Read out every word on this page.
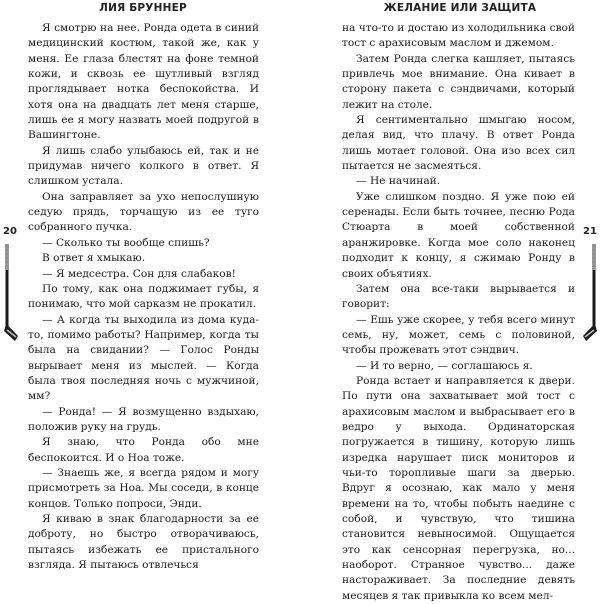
ЛИЯ БРУННЕР

Я смотрю на нее. Ронда одета в синий медицинский костюм, такой же, как у меня. Ее глаза блестят на фоне темной кожи, и сквозь ее шутливый взгляд проглядывает нотка беспокойства. И хотя она на двадцать лет меня старше, лишь ее я могу назвать моей подругой в Вашингтоне.

Я лишь слабо улыбаюсь ей, так и не придумав ничего колкого в ответ. Я слишком устала.

Она заправляет за ухо непослушную седую прядь, торчащую из ее туго собранного пучка.

— Сколько ты вообще спишь?

В ответ я хмыкаю.

— Я медсестра. Сон для слабаков!

По тому, как она поджимает губы, я понимаю, что мой сарказм не прокатил.

— А когда ты выходила из дома куда-то, помимо работы? Например, когда ты была на свидании? — Голос Ронды вырывает меня из мыслей. — Когда была твоя последняя ночь с мужчиной, мм?

— Ронда! — Я возмущенно вздыхаю, положив руку на грудь.

Я знаю, что Ронда обо мне беспокоится. И о Ноа тоже.

— Знаешь же, я всегда рядом и могу присмотреть за Ноа. Мы соседи, в конце концов. Только попроси, Энди.

Я киваю в знак благодарности за ее доброту, но быстро отворачиваюсь, пытаясь избежать ее пристального взгляда. Я пытаюсь отвлечься

20
ЖЕЛАНИЕ ИЛИ ЗАЩИТА

на что-то и достаю из холодильника свой тост с арахисовым маслом и джемом.

Затем Ронда слегка кашляет, пытаясь привлечь мое внимание. Она кивает в сторону пакета с сэндвичами, который лежит на столе.

Я сентиментально шмыгаю носом, делая вид, что плачу. В ответ Ронда лишь мотает головой. Она изо всех сил пытается не засмеяться.

— Не начинай.

Уже слишком поздно. Я уже пою ей серенады. Если быть точнее, песню Рода Стюарта в моей собственной аранжировке. Когда мое соло наконец подходит к концу, я сжимаю Ронду в своих объятиях.

Затем она все-таки вырывается и говорит:

— Ешь уже скорее, у тебя всего минут семь, ну, может, семь с половиной, чтобы прожевать этот сэндвич.

— И то верно, — соглашаюсь я.

Ронда встает и направляется к двери. По пути она захватывает мой тост с арахисовым маслом и выбрасывает его в ведро у выхода. Ординаторская погружается в тишину, которую лишь изредка нарушает писк мониторов и чьи-то торопливые шаги за дверью. Вдруг я осознаю, как мало у меня времени на то, чтобы побыть наедине с собой, и чувствую, что тишина становится невыносимой. Ощущается это как сенсорная перегрузка, но... наоборот. Странное чувство... даже настораживает. За последние девять месяцев я так привыкла ко всем мел-

21
